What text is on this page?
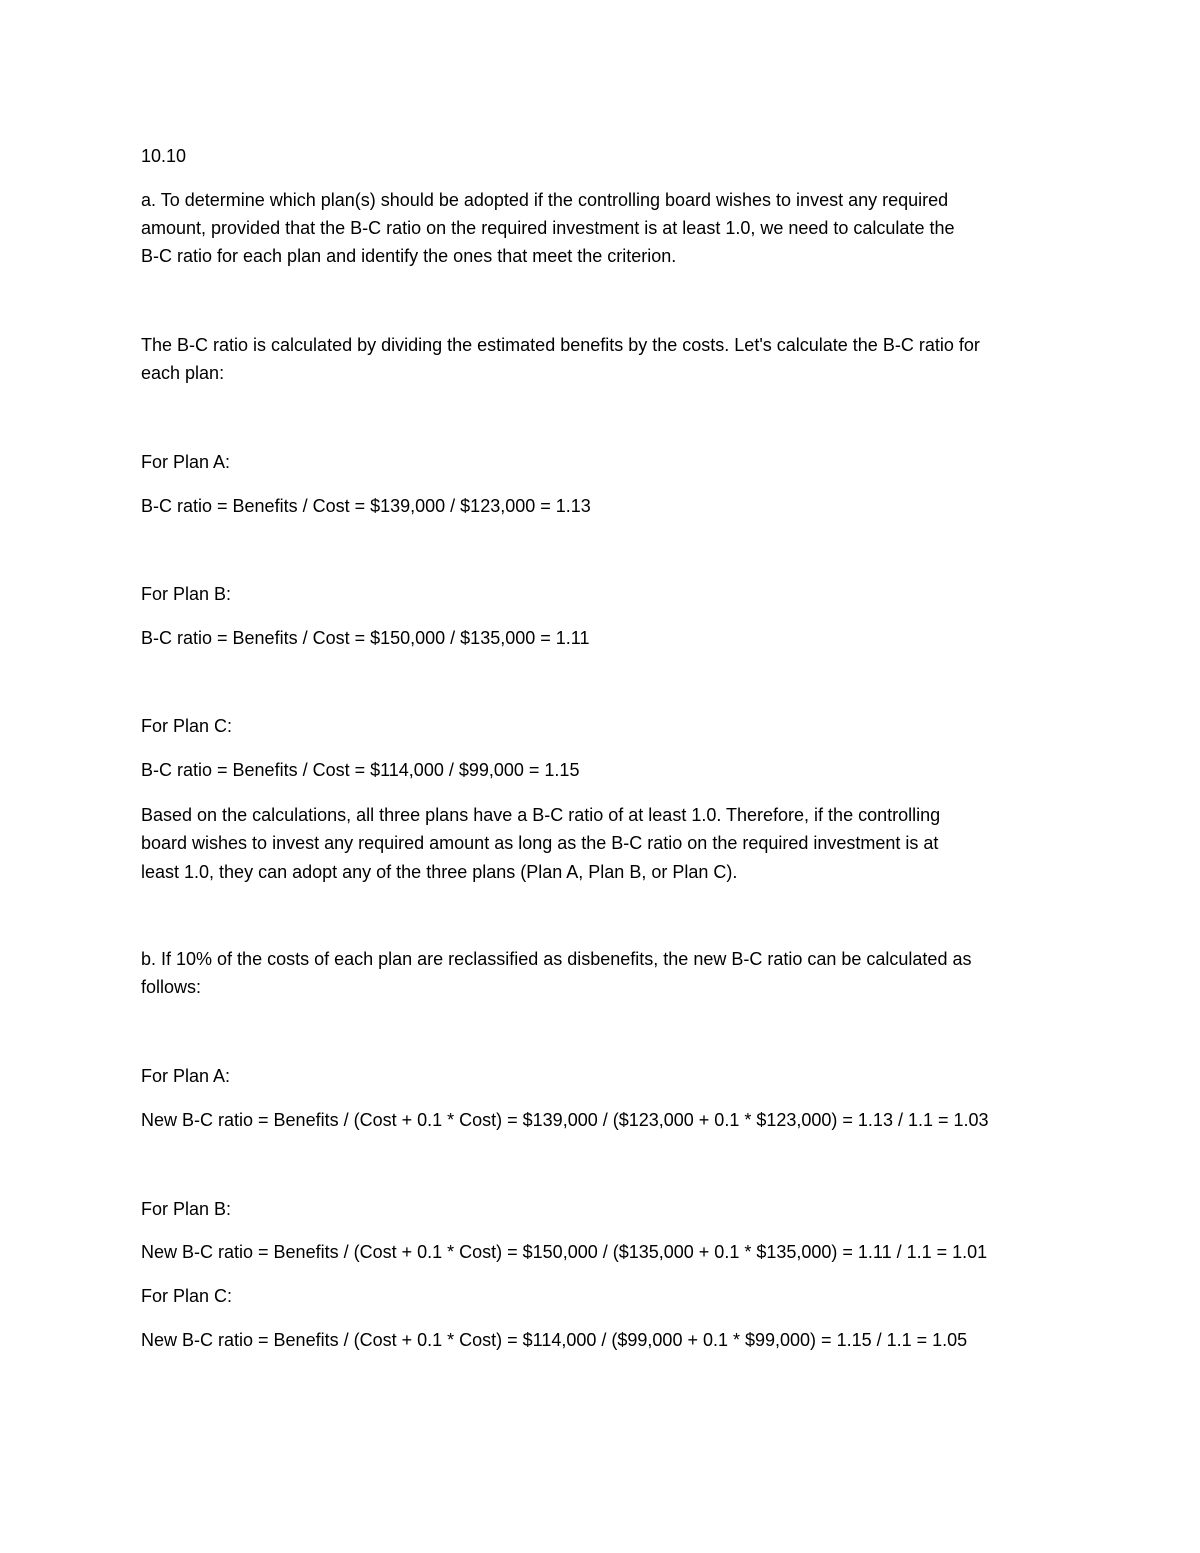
10.10
a. To determine which plan(s) should be adopted if the controlling board wishes to invest any required
amount, provided that the B-C ratio on the required investment is at least 1.0, we need to calculate the
B-C ratio for each plan and identify the ones that meet the criterion.
The B-C ratio is calculated by dividing the estimated benefits by the costs. Let's calculate the B-C ratio for
each plan:
For Plan A:
B-C ratio = Benefits / Cost = $139,000 / $123,000 = 1.13
For Plan B:
B-C ratio = Benefits / Cost = $150,000 / $135,000 = 1.11
For Plan C:
B-C ratio = Benefits / Cost = $114,000 / $99,000 = 1.15
Based on the calculations, all three plans have a B-C ratio of at least 1.0. Therefore, if the controlling
board wishes to invest any required amount as long as the B-C ratio on the required investment is at
least 1.0, they can adopt any of the three plans (Plan A, Plan B, or Plan C).
b. If 10% of the costs of each plan are reclassified as disbenefits, the new B-C ratio can be calculated as
follows:
For Plan A:
New B-C ratio = Benefits / (Cost + 0.1 * Cost) = $139,000 / ($123,000 + 0.1 * $123,000) = 1.13 / 1.1 = 1.03
For Plan B:
New B-C ratio = Benefits / (Cost + 0.1 * Cost) = $150,000 / ($135,000 + 0.1 * $135,000) = 1.11 / 1.1 = 1.01
For Plan C:
New B-C ratio = Benefits / (Cost + 0.1 * Cost) = $114,000 / ($99,000 + 0.1 * $99,000) = 1.15 / 1.1 = 1.05
